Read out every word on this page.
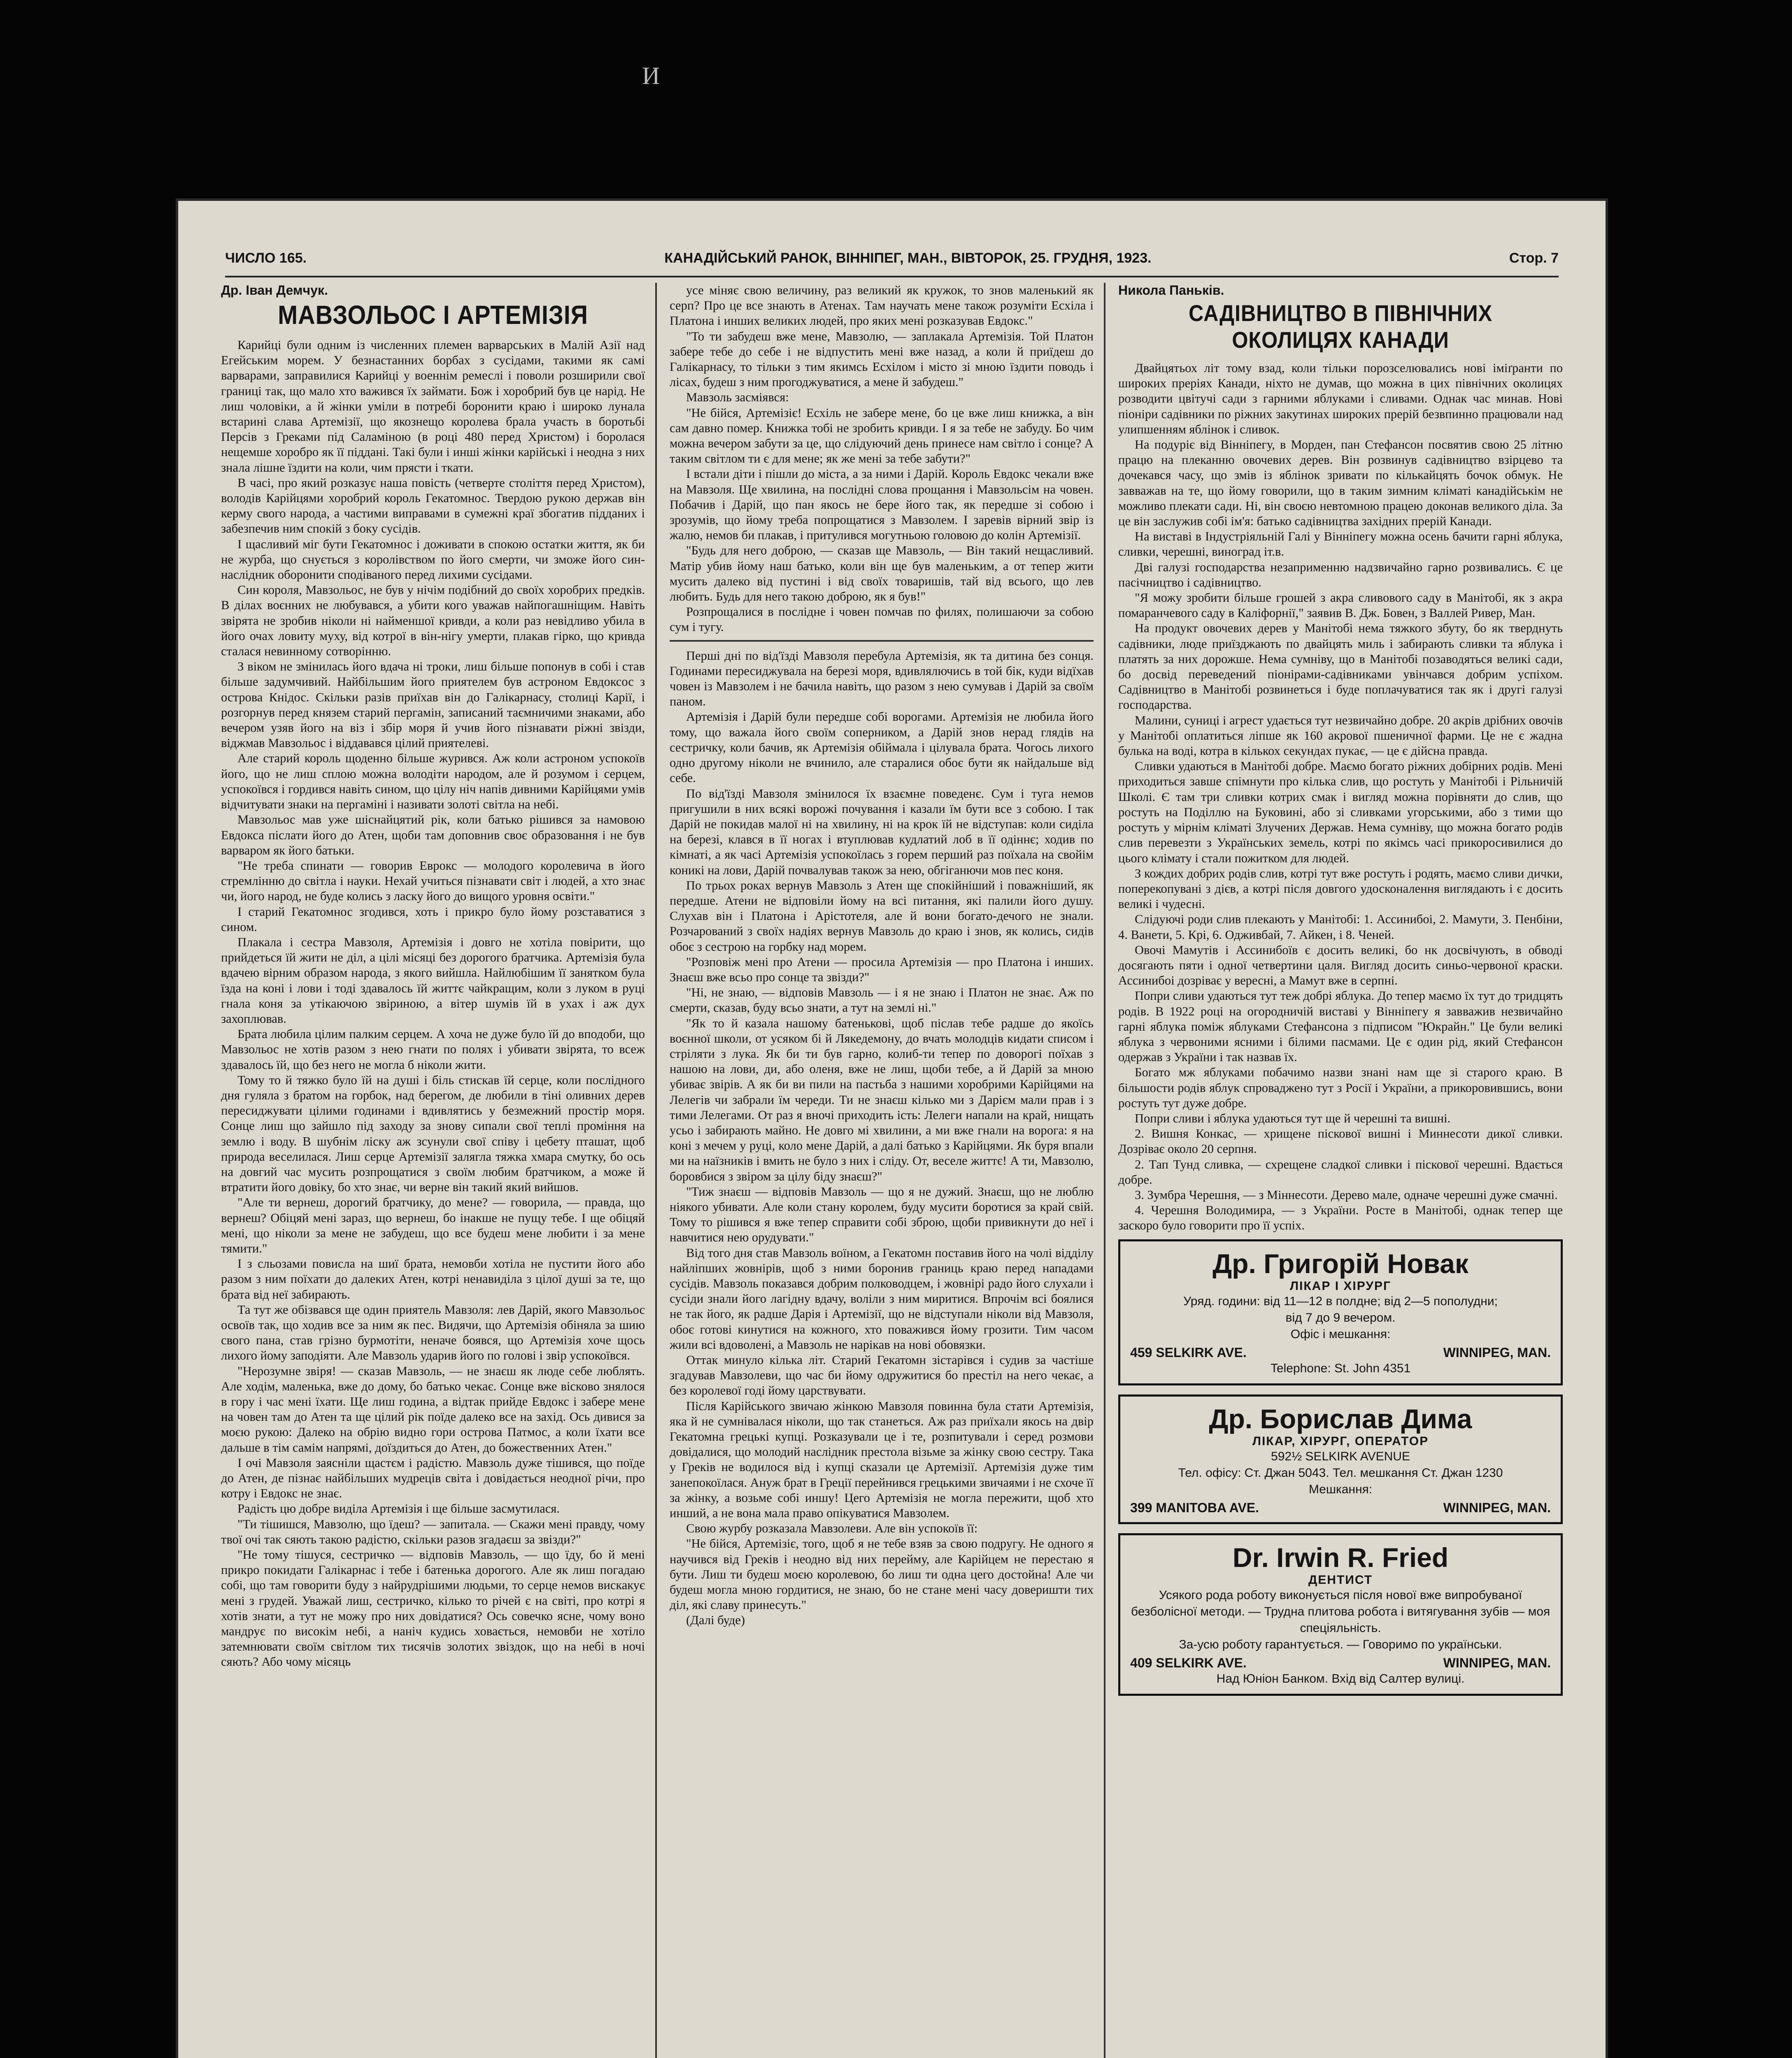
И
ЧИСЛО 165.	КАНАДІЙСЬКИЙ РАНОК, ВІННІПЕГ, МАН., ВІВТОРОК, 25. ГРУДНЯ, 1923.	Стор. 7
Др. Іван Демчук.
МАВЗОЛЬОС І АРТЕМІЗІЯ

Карийці були одним із численних племен варварських в Малій Азії над Егейським морем. У безнастанних борбах з сусідами, такими як самі варварами, заправилися Карийці у военнім ремеслі і поволи розширили свої границі так, що мало хто важився їх займати. Бож і хоробрий був це нарід. Не лиш чоловіки, а й жінки уміли в потребі боронити краю і широко лунала встарині слава Артемізії, що якознещо королева брала участь в боротьбі Персів з Греками під Саламіною (в році 480 перед Христом) і боролася нещемше хоробро як її піддані. Такі були і инші жінки карійські і неодна з них знала лішне їздити на коли, чим прясти і ткати.

В часі, про який розказує наша повість (четверте століття перед Христом), володів Карійцями хоробрий король Гекатомнос. Твердою рукою держав він керму свого народа, а частими виправами в сумежні краї збогатив підданих і забезпечив ним спокій з боку сусідів.

І щасливий міг бути Гекатомнос і доживати в спокою остатки життя, як би не журба, що снується з королівством по його смерти, чи зможе його син-наслідник оборонити сподіваного перед лихими сусідами.

Син короля, Мавзольос, не був у нічім подібний до своїх хоробрих предків. В ділах воєнних не любувався, а убити кого уважав найпогашніщим. Навіть звірята не зробив ніколи ні найменшої кривди, а коли раз невідливо убила в його очах ловиту муху, від котрої в він-нігу умерти, плакав гірко, що кривда сталася невинному сотворінню.

З віком не змінилась його вдача ні троки, лиш більше попонув в собі і став більше задумчивий. Найбільшим його приятелем був астроном Евдоксос з острова Кнідос. Скільки разів приїхав він до Галікарнасу, столиці Карії, і розгорнув перед князем старий пергамін, записаний таємничими знаками, або вечером узяв його на віз і збір моря й учив його пізнавати ріжні звізди, віджмав Мавзольос і віддавався цілий приятелеві.

Але старий король щоденно більше журився. Аж коли астроном успокоїв його, що не лиш сплою можна володіти народом, але й розумом і серцем, успокоївся і гордився навіть сином, що цілу ніч напів дивними Карійцями умів відчитувати знаки на пергаміні і називати золоті світла на небі.

Мавзольос мав уже шіснайцятий рік, коли батько рішився за намовою Евдокса післати його до Атен, щоби там доповнив своє образовання і не був варваром як його батьки.

"Не треба спинати — говорив Еврокс — молодого королевича в його стремлінню до світла і науки. Нехай учиться пізнавати світ і людей, а хто знає чи, його народ, не буде колись з ласку його до вищого уровня освіти."

І старий Гекатомнос згодився, хоть і прикро було йому розставатися з сином.

Плакала і сестра Мавзоля, Артемізія і довго не хотіла повірити, що прийдеться їй жити не діл, а цілі місяці без дорогого братчика. Артемізія була вдачею вірним образом народа, з якого вийшла. Найлюбішим її занятком була їзда на коні і лови і тоді здавалось їй життє чайкращим, коли з луком в руці гнала коня за утікаючою звіриною, а вітер шумів їй в ухах і аж дух захоплював.

Брата любила цілим палким серцем. А хоча не дуже було їй до вподоби, що Мавзольос не хотів разом з нею гнати по полях і убивати звірята, то всеж здавалось їй, що без него не могла б ніколи жити.

Тому то й тяжко було їй на душі і біль стискав їй серце, коли послідного дня гуляла з братом на горбок, над берегом, де любили в тіні оливних дерев пересиджувати цілими годинами і вдивлятись у безмежний простір моря. Сонце лиш що зайшло під заходу за знову сипали свої теплі проміння на землю і воду. В шубнім ліску аж зсунули свої співу і цебету пташат, щоб природа веселилася. Лиш серце Артемізії залягла тяжка хмара смутку, бо ось на довгий час мусить розпрощатися з своїм любим братчиком, а може й втратити його довіку, бо хто знає, чи верне він такий який вийшов.

"Але ти вернеш, дорогий братчику, до мене? — говорила, — правда, що вернеш? Обіцяй мені зараз, що вернеш, бо інакше не пущу тебе. І ще обіцяй мені, що ніколи за мене не забудеш, що все будеш мене любити і за мене тямити."

І з сльозами повисла на шиї брата, немовби хотіла не пустити його або разом з ним поїхати до далеких Атен, котрі ненавиділа з цілої душі за те, що брата від неї забирають.

Та тут же обізвався ще один приятель Мавзоля: лев Дарій, якого Мавзольос освоїв так, що ходив все за ним як пес. Видячи, що Артемізія обіняла за шию свого пана, став грізно бурмотіти, неначе боявся, що Артемізія хоче щось лихого йому заподіяти. Але Мавзоль ударив його по голові і звір успокоївся.

"Нерозумне звіря! — сказав Мавзоль, — не знаєш як люде себе люблять. Але ходім, маленька, вже до дому, бо батько чекає. Сонце вже вісково знялося в гору і час мені їхати. Ще лиш година, а відтак прийде Евдокс і забере мене на човен там до Атен та ще цілий рік поїде далеко все на захід. Ось дивися за моєю рукою: Далеко на обрію видно гори острова Патмос, а коли їхати все дальше в тім самім напрямі, доїздиться до Атен, до божественних Атен."

І очі Мавзоля заясніли щастєм і радістю. Мавзоль дуже тішився, що поїде до Атен, де пізнає найбільших мудреців світа і довідається неодної річи, про котру і Евдокс не знає.

Радість цю добре виділа Артемізія і ще більше засмутилася.

"Ти тішишся, Мавзолю, що їдеш? — запитала. — Скажи мені правду, чому твої очі так сяють такою радістю, скільки разов згадаєш за звізди?"

"Не тому тішуся, сестричко — відповів Мавзоль, — що їду, бо й мені прикро покидати Галікарнас і тебе і батенька дорогого. Але як лиш погадаю собі, що там говорити буду з найрудрішими людьми, то серце немов вискакує мені з грудей. Уважай лиш, сестричко, кілько то річей є на світі, про котрі я хотів знати, а тут не можу про них довідатися? Ось совечко ясне, чому воно мандрує по високім небі, а наніч кудись ховається, немовби не хотіло затемнювати своїм світлом тих тисячів золотих звіздок, що на небі в ночі сяють? Або чому місяць

усе міняє свою величину, раз великий як кружок, то знов маленький як серп? Про це все знають в Атенах. Там научать мене також розуміти Есхіла і Платона і инших великих людей, про яких мені розказував Евдокс."

"То ти забудеш вже мене, Мавзолю, — заплакала Артемізія. Той Платон забере тебе до себе і не відпустить мені вже назад, а коли й приїдеш до Галікарнасу, то тільки з тим якимсь Есхілом і місто зі мною їздити поводь і лісах, будеш з ним прогоджуватися, а мене й забудеш."

Мавзоль засміявся:

"Не бійся, Артемізіє! Есхіль не забере мене, бо це вже лиш книжка, а він сам давно помер. Книжка тобі не зробить кривди. І я за тебе не забуду. Бо чим можна вечером забути за це, що слідуючий день принесе нам світло і сонце? А таким світлом ти є для мене; як же мені за тебе забути?"

І встали діти і пішли до міста, а за ними і Дарій. Король Евдокс чекали вже на Мавзоля. Ще хвилина, на послідні слова прощання і Мавзольсім на човен. Побачив і Дарій, що пан якось не бере його так, як передше зі собою і зрозумів, що йому треба попрощатися з Мавзолем. І заревів вірний звір із жалю, немов би плакав, і притулився могутньою головою до колін Артемізії.

"Будь для него доброю, — сказав ще Мавзоль, — Він такий нещасливий. Матір убив йому наш батько, коли він ще був маленьким, а от тепер жити мусить далеко від пустині і від своїх товаришів, тай від всього, що лев любить. Будь для него такою доброю, як я був!"

Розпрощалися в послідне і човен помчав по филях, полишаючи за собою сум і тугу.

Перші дні по від'їзді Мавзоля перебула Артемізія, як та дитина без сонця. Годинами пересиджувала на березі моря, вдивлялючись в той бік, куди відїхав човен із Мавзолем і не бачила навіть, що разом з нею сумував і Дарій за своїм паном.

Артемізія і Дарій були передше собі ворогами. Артемізія не любила його тому, що важала його своїм соперником, а Дарій знов нерад глядів на сестричку, коли бачив, як Артемізія обіймала і цілувала брата. Чогось лихого одно другому ніколи не вчинило, але старалися обоє бути як найдальше від себе.

По від'їзді Мавзоля змінилося їх взаємне поведенє. Сум і туга немов пригушили в них всякі ворожі почування і казали їм бути все з собою. І так Дарій не покидав малої ні на хвилину, ні на крок їй не відступав: коли сиділа на березі, клався в її ногах і втуплював кудлатий лоб в її одіннє; ходив по кімнаті, а як часі Артемізія успокоїлась з горем перший раз поїхала на свойім коникі на лови, Дарій почвалував також за нею, обгіганючи мов пес коня.

По трьох роках вернув Мавзоль з Атен ще спокійніший і поважніший, як передше. Атени не відповіли йому на всі питання, які палили його душу. Слухав він і Платона і Арістотеля, але й вони богато-дечого не знали. Розчарований з своїх надіях вернув Мавзоль до краю і знов, як колись, сидів обоє з сестрою на горбку над морем.

"Розповіж мені про Атени — просила Артемізія — про Платона і инших. Знаєш вже всьо про сонце та звізди?"

"Ні, не знаю, — відповів Мавзоль — і я не знаю і Платон не знає. Аж по смерти, сказав, буду всьо знати, а тут на землі ні."

"Як то й казала нашому батенькові, щоб післав тебе радше до якоїсь воєнної школи, от усяком бі й Лякедемону, до вчать молодців кидати списом і стріляти з лука. Як би ти був гарно, колиб-ти тепер по доворогі поїхав з нашою на лови, ди, або оленя, вже не лиш, щоби тебе, а й Дарій за мною убиває звірів. А як би ви пили на пастьба з нашими хоробрими Карійцями на Лелегів чи забрали їм череди. Ти не знаєш кілько ми з Дарієм мали прав і з тими Лелегами. От раз я вночі приходить ість: Лелеги напали на край, нищать усьо і забирають майно. Не довго мі хвилини, а ми вже гнали на ворога: я на коні з мечем у руці, коло мене Дарій, а далі батько з Карійцями. Як буря впали ми на наїзників і вмить не було з них і сліду. От, веселе життє! А ти, Мавзолю, боровбися з звіром за цілу біду знаєш?"

"Тиж знаєш — відповів Мавзоль — що я не дужий. Знаєш, що не люблю ніякого убивати. Але коли стану королем, буду мусити боротися за край свій. Тому то рішився я вже тепер справити собі зброю, щоби привикнути до неї і навчитися нею орудувати."

Від того дня став Мавзоль воїном, а Гекатомн поставив його на чолі відділу найліпших жовнірів, щоб з ними боронив границь краю перед нападами сусідів. Мавзоль показався добрим полководцем, і жовнірі радо його слухали і сусіди знали його лагідну вдачу, воліли з ним миритися. Впрочім всі боялися не так його, як радше Дарія і Артемізії, що не відступали ніколи від Мавзоля, обоє готові кинутися на кожного, хто поважився йому грозити. Тим часом жили всі вдоволені, а Мавзоль не нарікав на нові обовязки.

Оттак минуло кілька літ. Старий Гекатомн зістарівся і судив за частіше згадував Мавзолеви, що час би йому одружитися бо престіл на него чекає, а без королевої годі йому царствувати.

Після Карійського звичаю жінкою Мавзоля повинна була стати Артемізія, яка й не сумнівалася ніколи, що так станеться. Аж раз приїхали якось на двір Гекатомна грецькі купці. Розказували це і те, розпитували і серед розмови довідалися, що молодий наслідник престола візьме за жінку свою сестру. Така у Греків не водилося від і купці сказали це Артемізії. Артемізія дуже тим занепокоїлася. Ануж брат в Греції перейнився грецькими звичаями і не схоче її за жінку, а возьме собі иншу! Цего Артемізія не могла пережити, щоб хто инший, а не вона мала право опікуватися Мавзолем.

Свою журбу розказала Мавзолеви. Але він успокоїв її:

"Не бійся, Артемізіє, того, щоб я не тебе взяв за свою подругу. Не одного я научився від Греків і неодно від них перейму, але Карійцем не перестаю я бути. Лиш ти будеш моєю королевою, бо лиш ти одна цего достойна! Але чи будеш могла мною гордитися, не знаю, бо не стане мені часу доверишти тих діл, які славу принесуть."

(Далі буде)

Никола Паньків.
САДІВНИЦТВО В ПІВНІЧНИХ ОКОЛИЦЯХ КАНАДИ

Двайцятьох літ тому взад, коли тільки порозселювались нові іміґранти по широких преріях Канади, ніхто не думав, що можна в цих північних околицях розводити цвітучі сади з гарними яблуками і сливами. Однак час минав. Нові піоніри садівники по ріжних закутинах широких прерій безвпинно працювали над улипшенням яблінок і сливок.

На подуріє від Вінніпегу, в Морден, пан Стефансон посвятив свою 25 літню працю на плеканню овочевих дерев. Він розвинув садівництво взірцево та дочекався часу, що змів із яблінок зривати по кількайцять бочок обмук. Не завважав на те, що йому говорили, що в таким зимним кліматі канадійськім не можливо плекати сади. Ні, він своєю невтомною працею доконав великого діла. За це він заслужив собі ім'я: батько садівництва західних прерій Канади.

На виставі в Індустріяльній Галі у Вінніпегу можна осень бачити гарні яблука, сливки, черешні, виноград іт.в.

Дві галузі господарства незаприменню надзвичайно гарно розвивались. Є це пасічництво і садівництво.

"Я можу зробити більше грошей з акра сливового саду в Манітобі, як з акра помаранчевого саду в Каліфорнії," заявив В. Дж. Бовен, з Валлей Ривер, Ман.

На продукт овочевих дерев у Манітобі нема тяжкого збуту, бо як тверднуть садівники, люде приїзджають по двайцять миль і забирають сливки та яблука і платять за них дорожше. Нема сумніву, що в Манітобі позаводяться великі сади, бо досвід переведений піонірами-садівниками увінчався добрим успіхом. Садівництво в Манітобі розвинеться і буде поплачуватися так як і другі галузі господарства.

Малини, суниці і агрест удається тут незвичайно добре. 20 акрів дрібних овочів у Манітобі оплатиться ліпше як 160 акрової пшеничної фарми. Це не є жадна булька на воді, котра в кількох секундах пукає, — це є дійсна правда.

Сливки удаються в Манітобі добре. Маємо богато ріжних добірних родів. Мені приходиться завше спімнути про кілька слив, що ростуть у Манітобі і Рільничій Школі. Є там три сливки котрих смак і вигляд можна порівняти до слив, що ростуть на Поділлю на Буковині, або зі сливками угорськими, або з тими що ростуть у мірнім кліматі Злучених Держав. Нема сумніву, що можна богато родів слив перевезти з Українських земель, котрі по якімсь часі прикоросивилися до цього клімату і стали пожитком для людей.

З кождих добрих родів слив, котрі тут вже ростуть і родять, маємо сливи дички, поперекопувані з дієв, а котрі після довгого удосконалення виглядають і є досить великі і чудесні.

Слідуючі роди слив плекають у Манітобі: 1. Ассинибоі, 2. Мамути, 3. Пенбіни, 4. Ванети, 5. Крі, 6. Одживбай, 7. Айкен, і 8. Ченей.

Овочі Мамутів і Ассинибоїв є досить великі, бо нк досвічують, в обводі досягають пяти і одної четвертини цаля. Вигляд досить синьо-червоної краски. Ассинибоі дозріває у вересні, а Мамут вже в серпні.

Попри сливи удаються тут теж добрі яблука. До тепер маємо їх тут до тридцять родів. В 1922 році на огородничій виставі у Вінніпегу я завважив незвичайно гарні яблука поміж яблуками Стефансона з підписом "Юкрайн." Це були великі яблука з червоними ясними і білими пасмами. Це є один рід, який Стефансон одержав з України і так назвав їх.

Богато мж яблуками побачимо назви знані нам ще зі старого краю. В більшости родів яблук спроваджено тут з Росії і України, а прикоровившись, вони ростуть тут дуже добре.

Попри сливи і яблука удаються тут ще й черешні та вишні.

2. Вишня Конкас, — хрищене піскової вишні і Миннесоти дикої сливки. Дозріває около 20 серпня.

2. Тап Тунд сливка, — схрещене сладкої сливки і піскової черешні. Вдається добре.

3. Зумбра Черешня, — з Міннесоти. Дерево мале, одначе черешні дуже смачні.

4. Черешня Володимира, — з України. Росте в Манітобі, однак тепер ще заскоро було говорити про її успіх.

Др. Григорій Новак
ЛІКАР І ХІРУРГ
Уряд. години: від 11—12 в полдне; від 2—5 пополудни;
від 7 до 9 вечером.
Офіс і мешкання:
459 SELKIRK AVE.	WINNIPEG, MAN.
Telephone: St. John 4351
Др. Борислав Дима
ЛІКАР, ХІРУРГ, ОПЕРАТОР
592½ SELKIRK AVENUE
Тел. офісу: Ст. Джан 5043. Тел. мешкання Ст. Джан 1230
Мешкання:
399 MANITOBA AVE.	WINNIPEG, MAN.
Dr. Irwin R. Fried
ДЕНТИСТ
Усякого рода роботу виконується після нової вже випробуваної безболісної методи. — Трудна плитова робота і витягування зубів — моя спеціяльність.
За-усю роботу гарантується. — Говоримо по українськи.
409 SELKIRK AVE.	WINNIPEG, MAN.
Над Юніон Банком. Вхід від Салтер вулиці.
